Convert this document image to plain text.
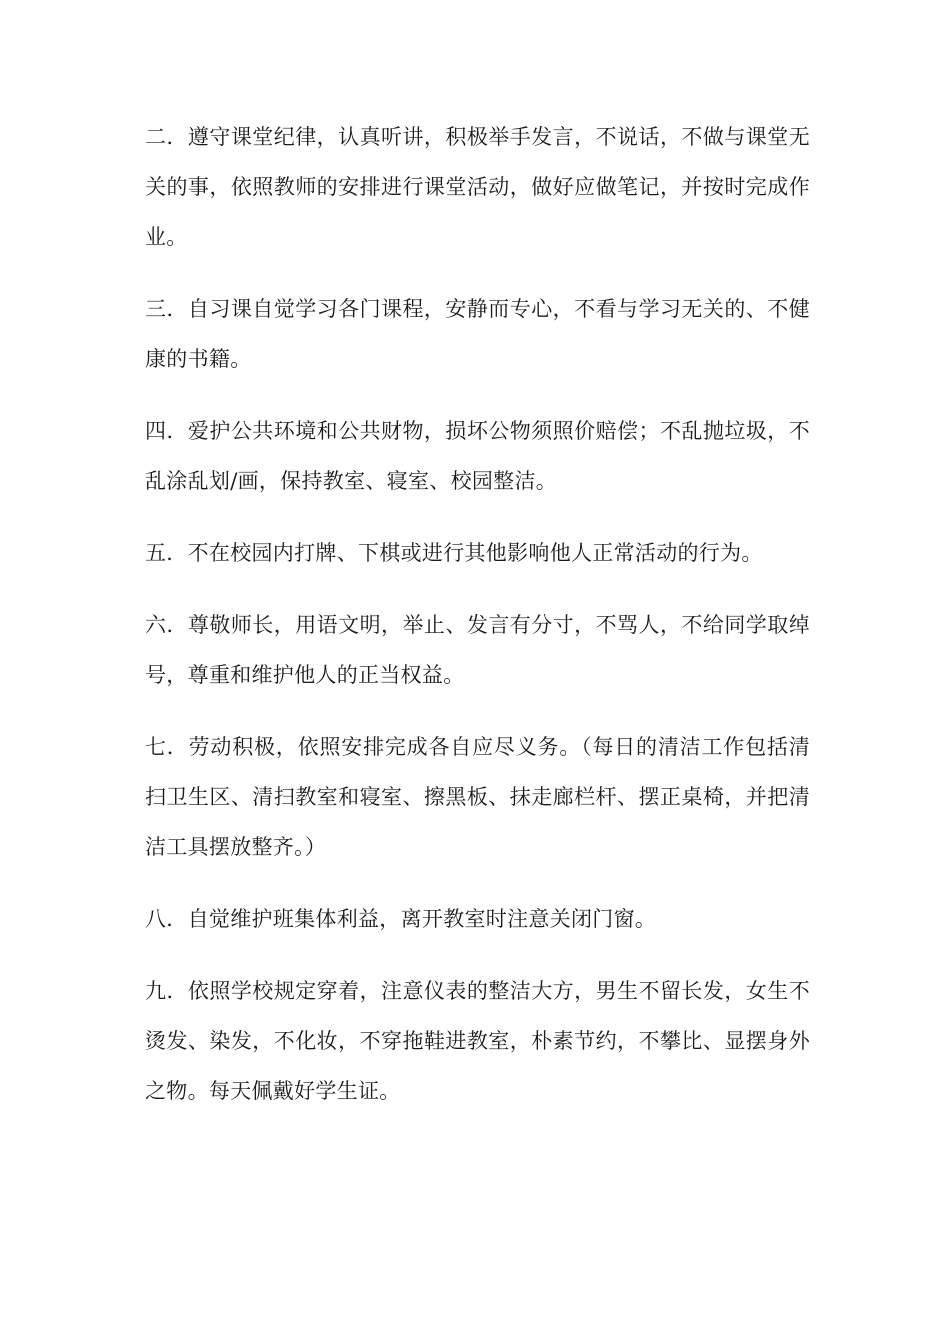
二．遵守课堂纪律，认真听讲，积极举手发言，不说话，不做与课堂无关的事，依照教师的安排进行课堂活动，做好应做笔记，并按时完成作业。

三．自习课自觉学习各门课程，安静而专心，不看与学习无关的、不健康的书籍。

四．爱护公共环境和公共财物，损坏公物须照价赔偿；不乱抛垃圾，不乱涂乱划/画，保持教室、寝室、校园整洁。

五．不在校园内打牌、下棋或进行其他影响他人正常活动的行为。

六．尊敬师长，用语文明，举止、发言有分寸，不骂人，不给同学取绰号，尊重和维护他人的正当权益。

七．劳动积极，依照安排完成各自应尽义务。（每日的清洁工作包括清扫卫生区、清扫教室和寝室、擦黑板、抹走廊栏杆、摆正桌椅，并把清洁工具摆放整齐。）

八．自觉维护班集体利益，离开教室时注意关闭门窗。

九．依照学校规定穿着，注意仪表的整洁大方，男生不留长发，女生不烫发、染发，不化妆，不穿拖鞋进教室，朴素节约，不攀比、显摆身外之物。每天佩戴好学生证。
